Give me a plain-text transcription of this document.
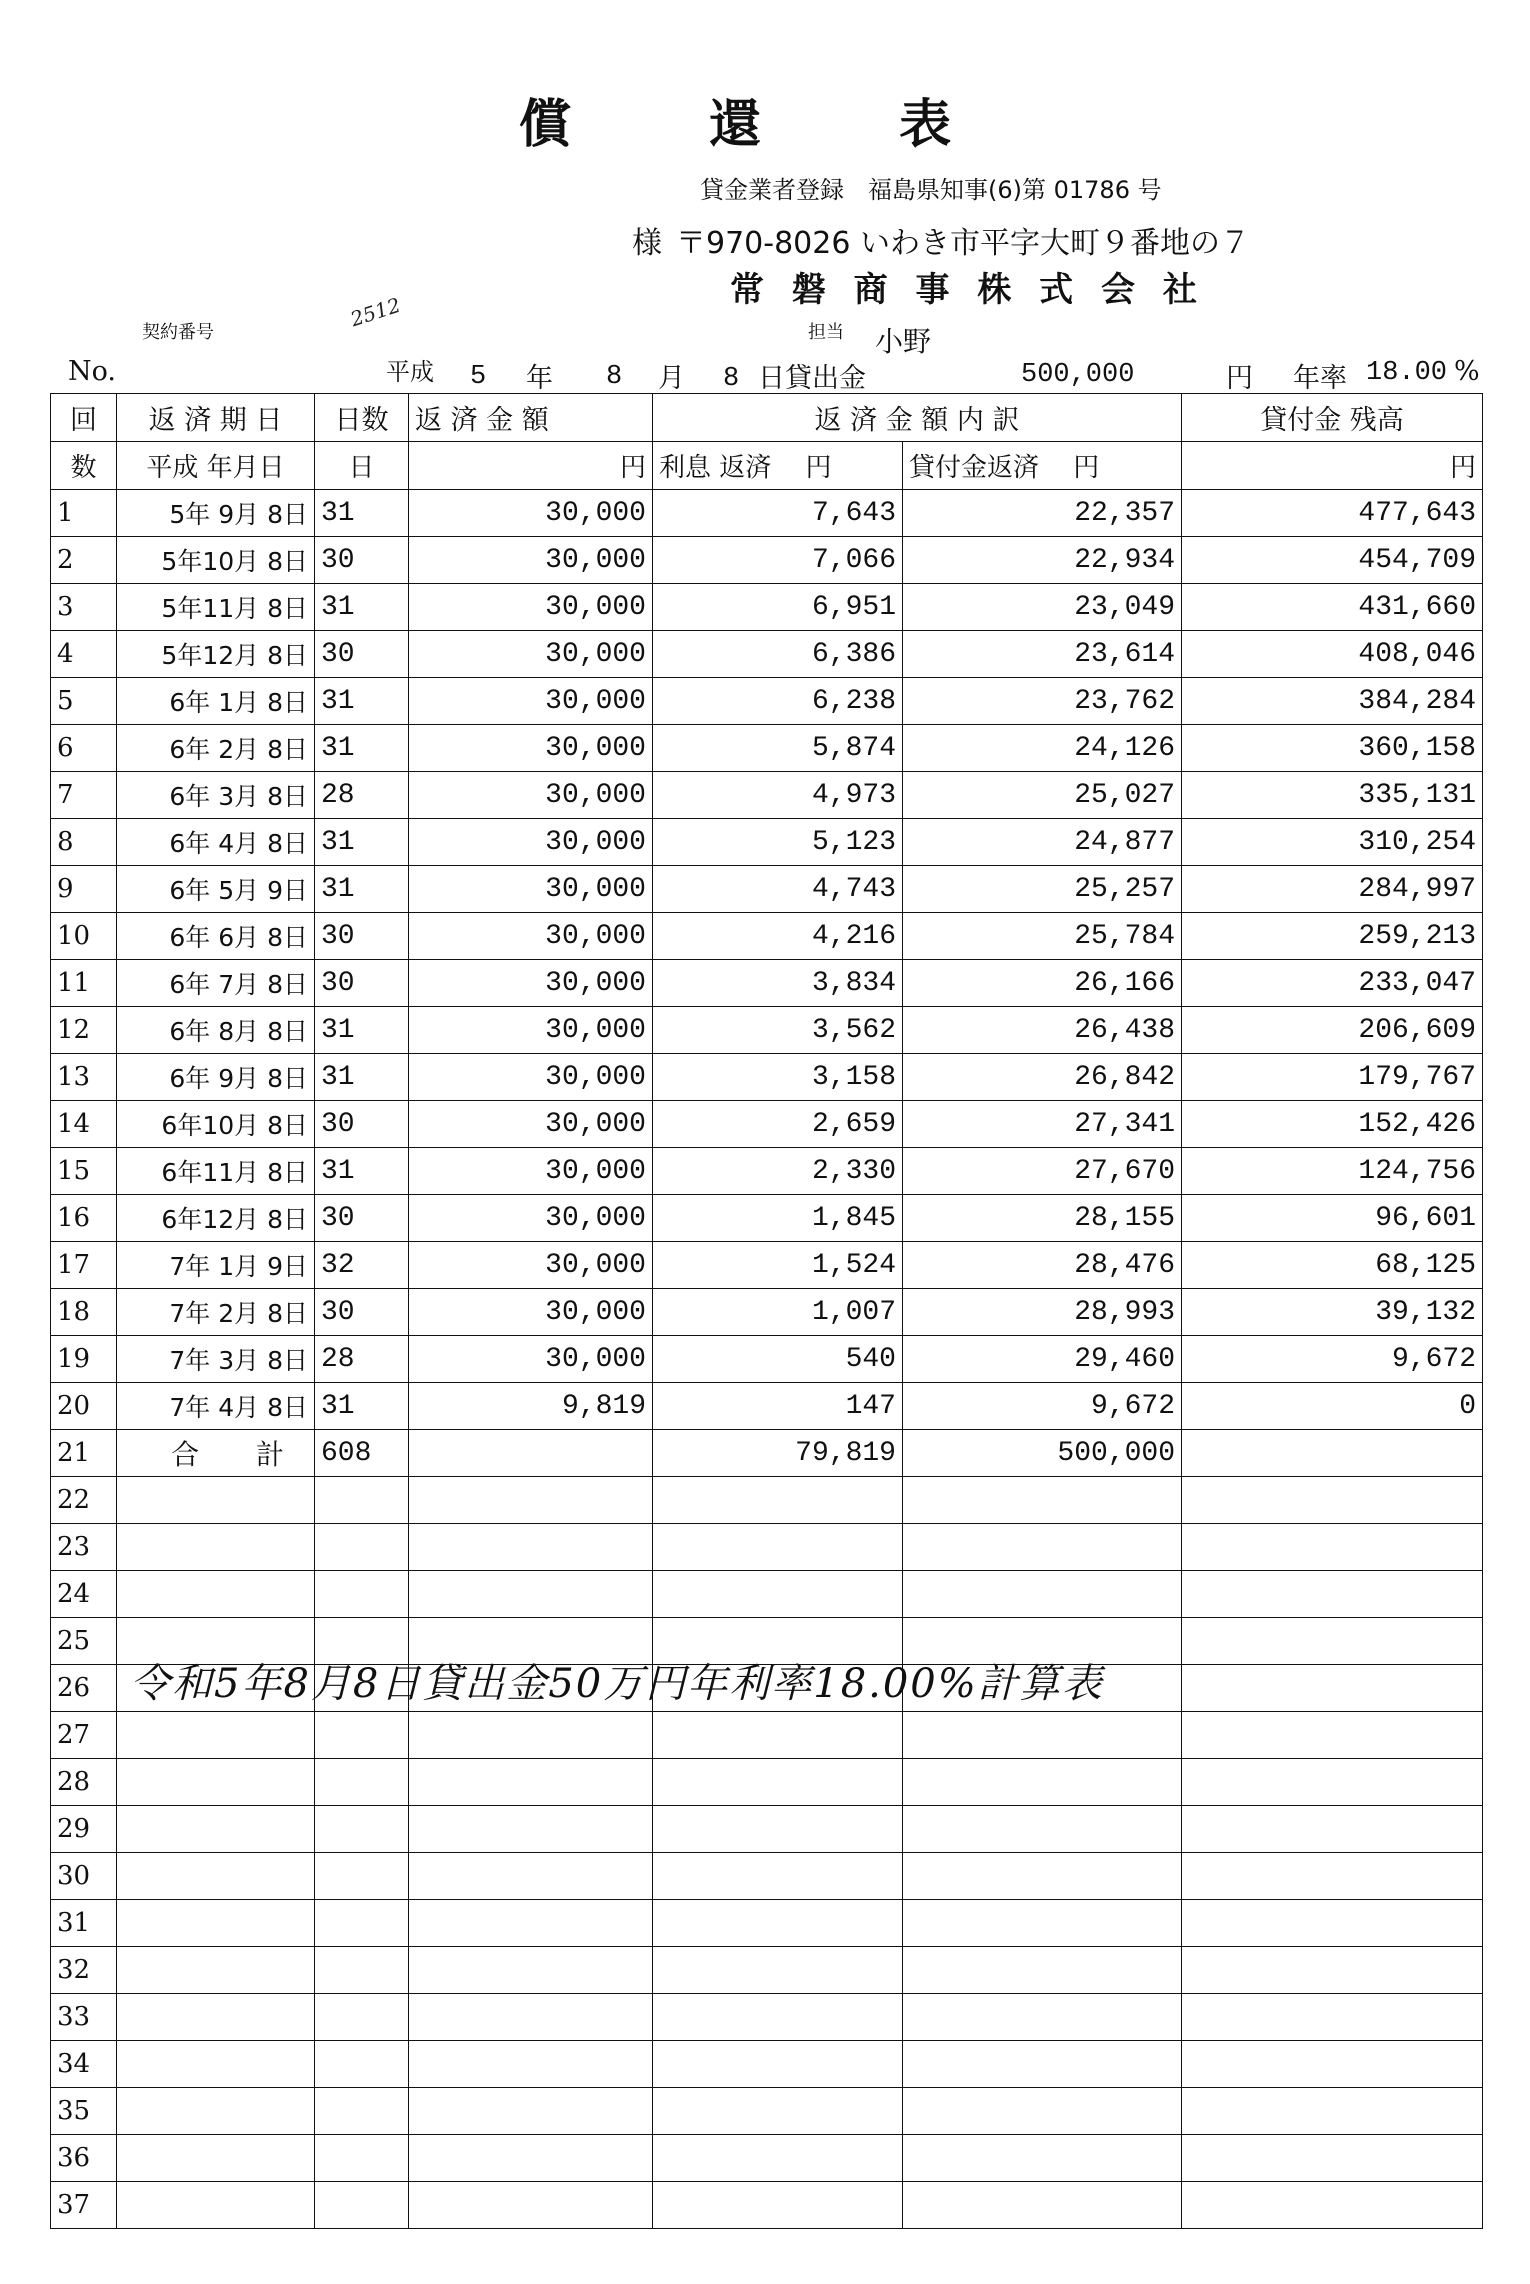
償 還 表
貸金業者登録　福島県知事(6)第 01786 号
様 〒970-8026 いわき市平字大町９番地の７
常 磐 商 事 株 式 会 社
契約番号
2512
担当 小野
No.	平成 5 年 8 月 8 日貸出金	500,000	円 年率 18.00 %
回	返 済 期 日	日数	返 済 金 額	返 済 金 額 内 訳		貸付金 残高
数	平成 年月日	日	円	利息 返済　 円	貸付金返済　 円	円
1	5年 9月 8日	31	30,000	7,643	22,357	477,643
2	5年10月 8日	30	30,000	7,066	22,934	454,709
3	5年11月 8日	31	30,000	6,951	23,049	431,660
4	5年12月 8日	30	30,000	6,386	23,614	408,046
5	6年 1月 8日	31	30,000	6,238	23,762	384,284
6	6年 2月 8日	31	30,000	5,874	24,126	360,158
7	6年 3月 8日	28	30,000	4,973	25,027	335,131
8	6年 4月 8日	31	30,000	5,123	24,877	310,254
9	6年 5月 9日	31	30,000	4,743	25,257	284,997
10	6年 6月 8日	30	30,000	4,216	25,784	259,213
11	6年 7月 8日	30	30,000	3,834	26,166	233,047
12	6年 8月 8日	31	30,000	3,562	26,438	206,609
13	6年 9月 8日	31	30,000	3,158	26,842	179,767
14	6年10月 8日	30	30,000	2,659	27,341	152,426
15	6年11月 8日	31	30,000	2,330	27,670	124,756
16	6年12月 8日	30	30,000	1,845	28,155	96,601
17	7年 1月 9日	32	30,000	1,524	28,476	68,125
18	7年 2月 8日	30	30,000	1,007	28,993	39,132
19	7年 3月 8日	28	30,000	540	29,460	9,672
20	7年 4月 8日	31	9,819	147	9,672	0
21	合 計	608		79,819	500,000	
22						
23						
24						
25						
26						
27						
28						
29						
30						
31						
32						
33						
34						
35						
36						
37						
令和5年8月8日貸出金50万円年利率18.00%計算表
